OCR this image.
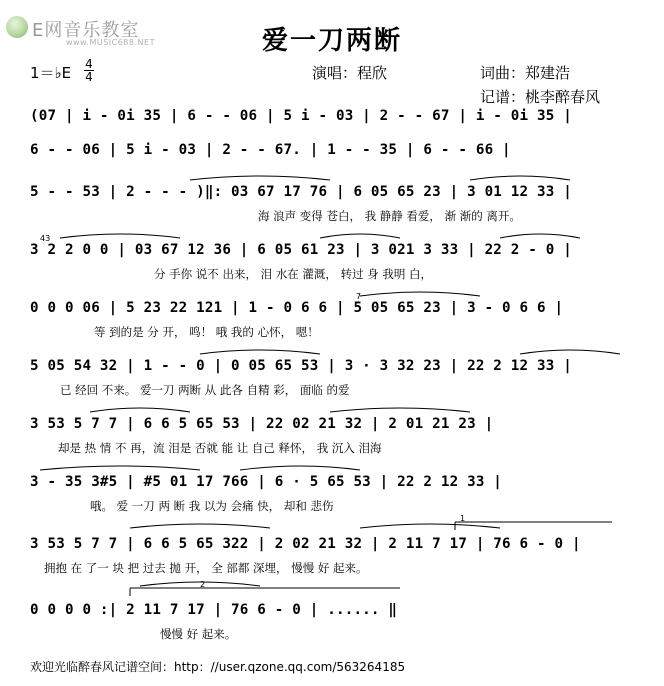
E网音乐教室
www.MUSIC688.NET	爱一刀两断
1＝♭E 4
4	演唱：程欣	词曲：郑建浩
记谱：桃李醉春风
(07 | i - 0i 35 | 6 - - 06 | 5 i - 03 | 2 - - 67 | i - 0i 35 |
6 - - 06 | 5 i - 03 | 2 - - 67. | 1 - - 35 | 6 - - 66 |
5 - - 53 | 2 - - - )‖: 03 67 17 76 | 6 05 65 23 | 3 01 12 33 |
海 浪声 变得 苍白， 我 静静 看爱， 渐 渐的 离开。
43
3 2 2 0 0 | 03 67 12 36 | 6 05 61 23 | 3 021 3 33 | 22 2 - 0 |
分 手你 说不 出来， 泪 水在 灌溉， 转过 身 我明 白，
0 0 0 06 | 5 23 22 121 | 1 - 0 6 6 | 5 05 65 23 | 3 - 0 6 6 |
7
等 到的是 分 开， 鸣！ 哦 我的 心怀， 嗯！
5 05 54 32 | 1 - - 0 | 0 05 65 53 | 3 · 3 32 23 | 22 2 12 33 |
已 经回 不来。 爱一刀 两断 从 此各 自精 彩， 面临 的爱
3 53 5 7 7 | 6 6 5 65 53 | 22 02 21 32 | 2 01 21 23 |
却是 热 情 不 再，流 泪是 否就 能 让 自己 释怀， 我 沉入 泪海
3 - 35 3#5 | #5 01 17 766 | 6 · 5 65 53 | 22 2 12 33 |
哦。 爱 一刀 两 断 我 以为 会痛 快， 却和 悲伤
1
3 53 5 7 7 | 6 6 5 65 322 | 2 02 21 32 | 2 11 7 17 | 76 6 - 0 |
拥抱 在 了一 块 把 过去 抛 开， 全 部都 深埋， 慢慢 好 起来。
2
0 0 0 0 :| 2 11 7 17 | 76 6 - 0 | ...... ‖
慢慢 好 起来。
欢迎光临醉春风记谱空间：http：//user.qzone.qq.com/563264185
